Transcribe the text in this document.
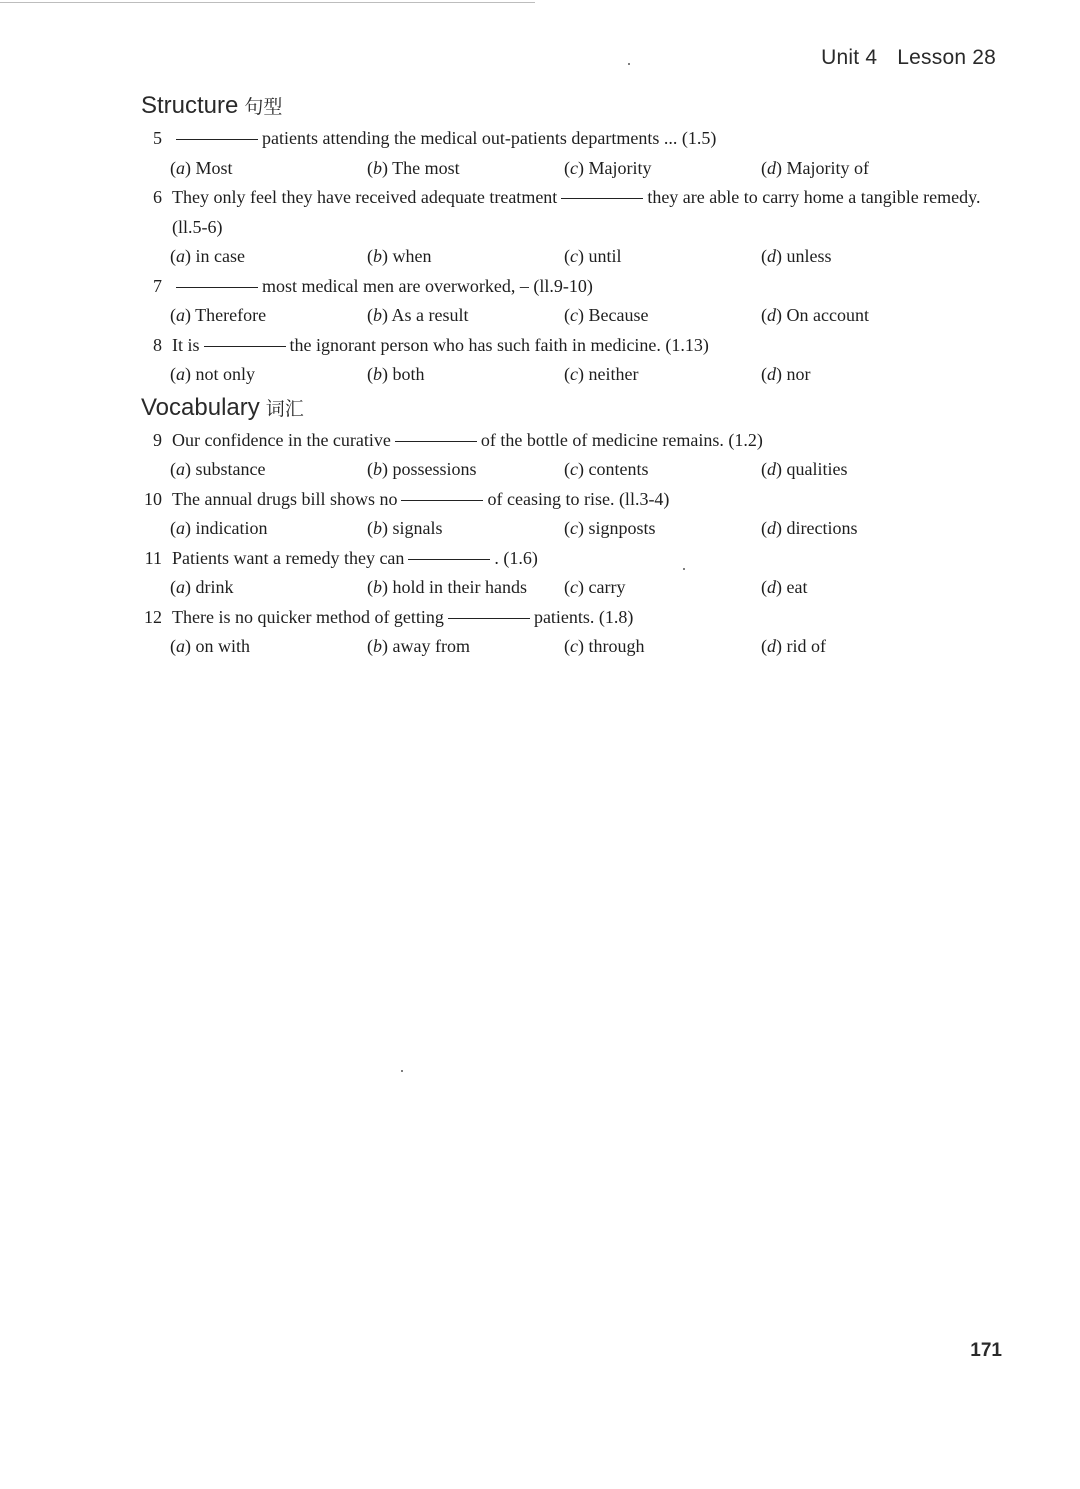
Unit 4 Lesson 28
Structure 句型
5	patients attending the medical out-patients departments ... (1.5)
(a) Most	(b) The most	(c) Majority	(d) Majority of
6 They only feel they have received adequate treatment	they are able to carry home a tangible remedy. (ll.5-6)
(a) in case	(b) when	(c) until	(d) unless
7	most medical men are overworked, – (ll.9-10)
(a) Therefore	(b) As a result	(c) Because	(d) On account
8 It is	the ignorant person who has such faith in medicine. (1.13)
(a) not only	(b) both	(c) neither	(d) nor
Vocabulary 词汇
9 Our confidence in the curative	of the bottle of medicine remains. (1.2)
(a) substance	(b) possessions	(c) contents	(d) qualities
10 The annual drugs bill shows no	of ceasing to rise. (ll.3-4)
(a) indication	(b) signals	(c) signposts	(d) directions
11 Patients want a remedy they can	. (1.6)
(a) drink	(b) hold in their hands	(c) carry	(d) eat
12 There is no quicker method of getting	patients. (1.8)
(a) on with	(b) away from	(c) through	(d) rid of
171
